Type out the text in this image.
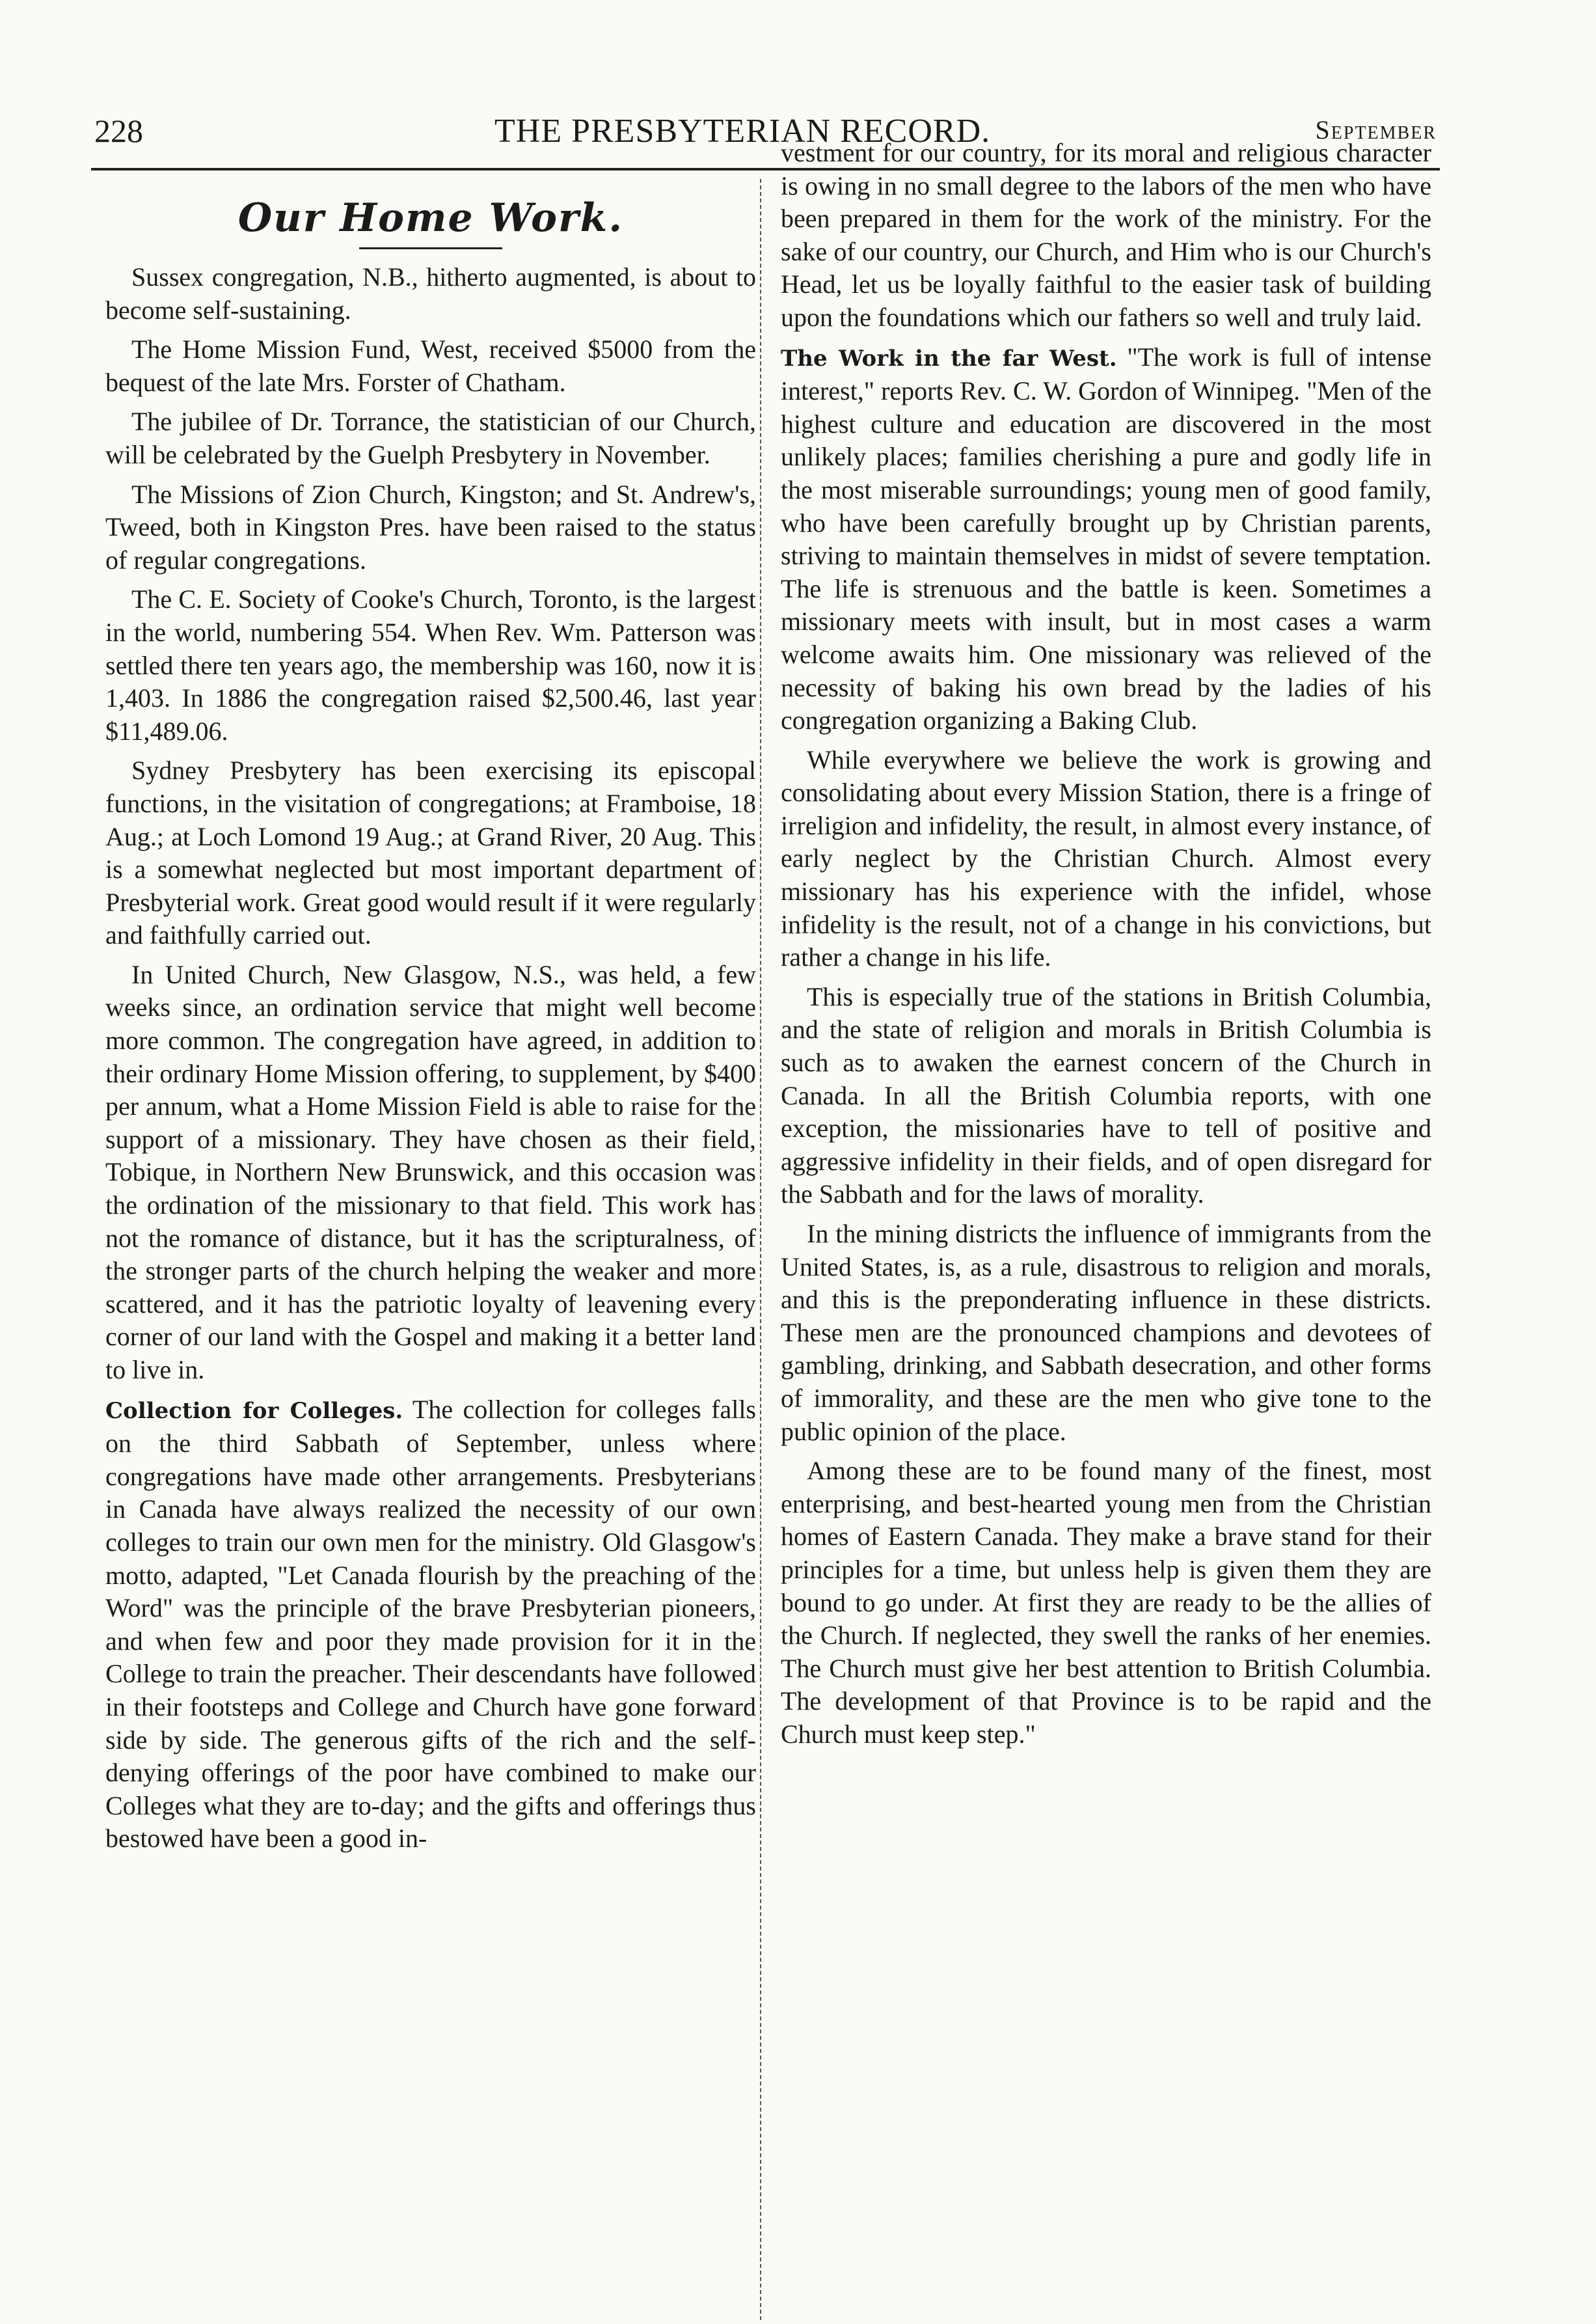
228	THE PRESBYTERIAN RECORD.	September
Our Home Work.

Sussex congregation, N.B., hitherto augmented, is about to become self-sustaining.

The Home Mission Fund, West, received $5000 from the bequest of the late Mrs. Forster of Chatham.

The jubilee of Dr. Torrance, the statistician of our Church, will be celebrated by the Guelph Presbytery in November.

The Missions of Zion Church, Kingston; and St. Andrew's, Tweed, both in Kingston Pres. have been raised to the status of regular congregations.

The C. E. Society of Cooke's Church, Toronto, is the largest in the world, numbering 554. When Rev. Wm. Patterson was settled there ten years ago, the membership was 160, now it is 1,403. In 1886 the congregation raised $2,500.46, last year $11,489.06.

Sydney Presbytery has been exercising its episcopal functions, in the visitation of congregations; at Framboise, 18 Aug.; at Loch Lomond 19 Aug.; at Grand River, 20 Aug. This is a somewhat neglected but most important department of Presbyterial work. Great good would result if it were regularly and faithfully carried out.

In United Church, New Glasgow, N.S., was held, a few weeks since, an ordination service that might well become more common. The congregation have agreed, in addition to their ordinary Home Mission offering, to supplement, by $400 per annum, what a Home Mission Field is able to raise for the support of a missionary. They have chosen as their field, Tobique, in Northern New Brunswick, and this occasion was the ordination of the missionary to that field. This work has not the romance of distance, but it has the scripturalness, of the stronger parts of the church helping the weaker and more scattered, and it has the patriotic loyalty of leavening every corner of our land with the Gospel and making it a better land to live in.

Collection for Colleges. The collection for colleges falls on the third Sabbath of September, unless where congregations have made other arrangements. Presbyterians in Canada have always realized the necessity of our own colleges to train our own men for the ministry. Old Glasgow's motto, adapted, "Let Canada flourish by the preaching of the Word" was the principle of the brave Presbyterian pioneers, and when few and poor they made provision for it in the College to train the preacher. Their descendants have followed in their footsteps and College and Church have gone forward side by side. The generous gifts of the rich and the self-denying offerings of the poor have combined to make our Colleges what they are to-day; and the gifts and offerings thus bestowed have been a good in-

vestment for our country, for its moral and religious character is owing in no small degree to the labors of the men who have been prepared in them for the work of the ministry. For the sake of our country, our Church, and Him who is our Church's Head, let us be loyally faithful to the easier task of building upon the foundations which our fathers so well and truly laid.

The Work in the far West. "The work is full of intense interest," reports Rev. C. W. Gordon of Winnipeg. "Men of the highest culture and education are discovered in the most unlikely places; families cherishing a pure and godly life in the most miserable surroundings; young men of good family, who have been carefully brought up by Christian parents, striving to maintain themselves in midst of severe temptation. The life is strenuous and the battle is keen. Sometimes a missionary meets with insult, but in most cases a warm welcome awaits him. One missionary was relieved of the necessity of baking his own bread by the ladies of his congregation organizing a Baking Club.

While everywhere we believe the work is growing and consolidating about every Mission Station, there is a fringe of irreligion and infidelity, the result, in almost every instance, of early neglect by the Christian Church. Almost every missionary has his experience with the infidel, whose infidelity is the result, not of a change in his convictions, but rather a change in his life.

This is especially true of the stations in British Columbia, and the state of religion and morals in British Columbia is such as to awaken the earnest concern of the Church in Canada. In all the British Columbia reports, with one exception, the missionaries have to tell of positive and aggressive infidelity in their fields, and of open disregard for the Sabbath and for the laws of morality.

In the mining districts the influence of immigrants from the United States, is, as a rule, disastrous to religion and morals, and this is the preponderating influence in these districts. These men are the pronounced champions and devotees of gambling, drinking, and Sabbath desecration, and other forms of immorality, and these are the men who give tone to the public opinion of the place.

Among these are to be found many of the finest, most enterprising, and best-hearted young men from the Christian homes of Eastern Canada. They make a brave stand for their principles for a time, but unless help is given them they are bound to go under. At first they are ready to be the allies of the Church. If neglected, they swell the ranks of her enemies. The Church must give her best attention to British Columbia. The development of that Province is to be rapid and the Church must keep step."
